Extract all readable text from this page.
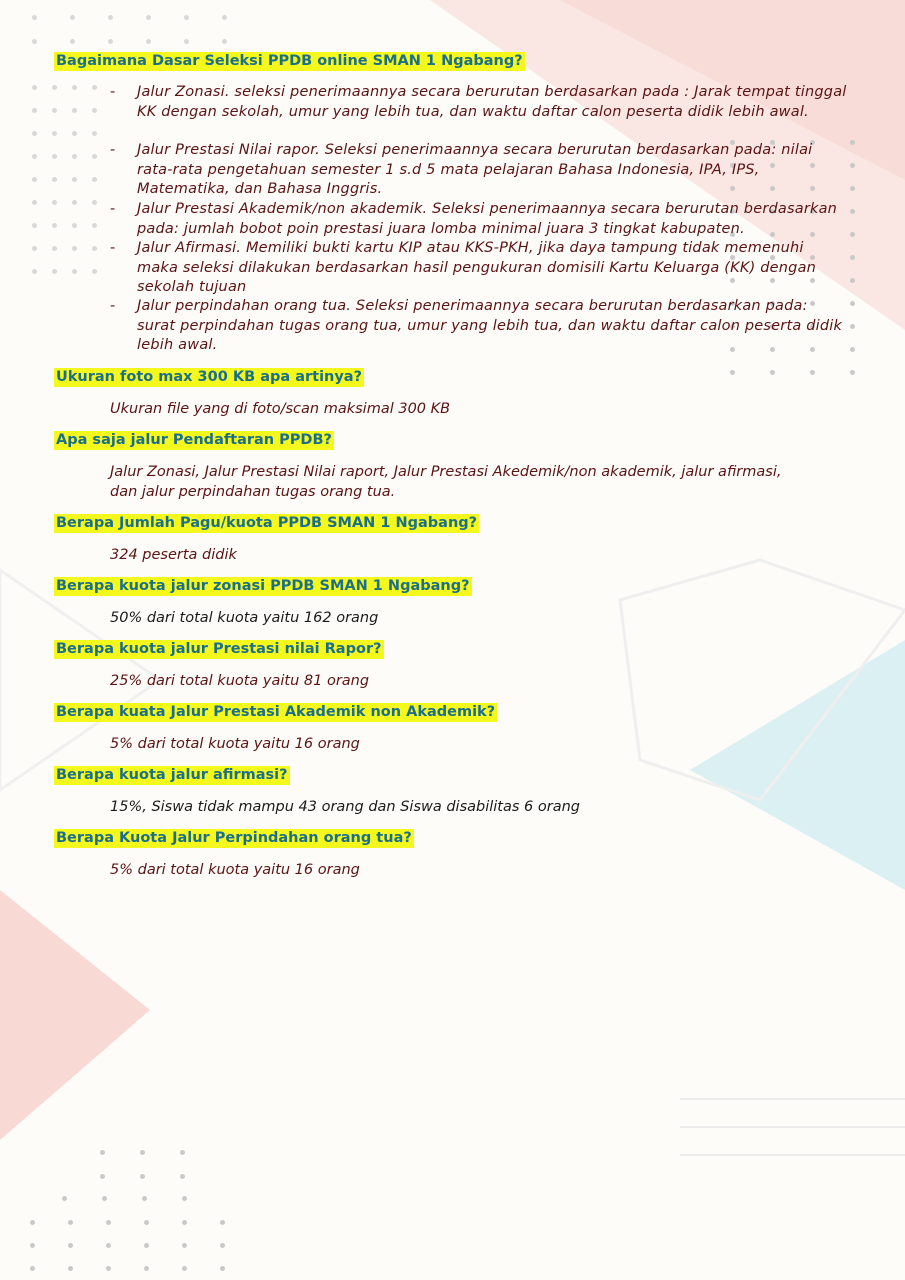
Bagaimana Dasar Seleksi PPDB online SMAN 1 Ngabang?
- Jalur Zonasi. seleksi penerimaannya secara berurutan berdasarkan pada : Jarak tempat tinggal KK dengan sekolah, umur yang lebih tua, dan waktu daftar calon peserta didik lebih awal.
- Jalur Prestasi Nilai rapor. Seleksi penerimaannya secara berurutan berdasarkan pada: nilai rata-rata pengetahuan semester 1 s.d 5 mata pelajaran Bahasa Indonesia, IPA, IPS, Matematika, dan Bahasa Inggris.
- Jalur Prestasi Akademik/non akademik. Seleksi penerimaannya secara berurutan berdasarkan pada: jumlah bobot poin prestasi juara lomba minimal juara 3 tingkat kabupaten.
- Jalur Afirmasi. Memiliki bukti kartu KIP atau KKS-PKH, jika daya tampung tidak memenuhi maka seleksi dilakukan berdasarkan hasil pengukuran domisili Kartu Keluarga (KK) dengan sekolah tujuan
- Jalur perpindahan orang tua. Seleksi penerimaannya secara berurutan berdasarkan pada: surat perpindahan tugas orang tua, umur yang lebih tua, dan waktu daftar calon peserta didik lebih awal.
Ukuran foto max 300 KB apa artinya?
Ukuran file yang di foto/scan maksimal 300 KB
Apa saja jalur Pendaftaran PPDB?
Jalur Zonasi, Jalur Prestasi Nilai raport, Jalur Prestasi Akedemik/non akademik, jalur afirmasi,
dan jalur perpindahan tugas orang tua.
Berapa Jumlah Pagu/kuota PPDB SMAN 1 Ngabang?
324 peserta didik
Berapa kuota jalur zonasi PPDB SMAN 1 Ngabang?
50% dari total kuota yaitu 162 orang
Berapa kuota jalur Prestasi nilai Rapor?
25% dari total kuota yaitu 81 orang
Berapa kuata Jalur Prestasi Akademik non Akademik?
5% dari total kuota yaitu 16 orang
Berapa kuota jalur afirmasi?
15%, Siswa tidak mampu 43 orang dan Siswa disabilitas 6 orang
Berapa Kuota Jalur Perpindahan orang tua?
5% dari total kuota yaitu 16 orang
